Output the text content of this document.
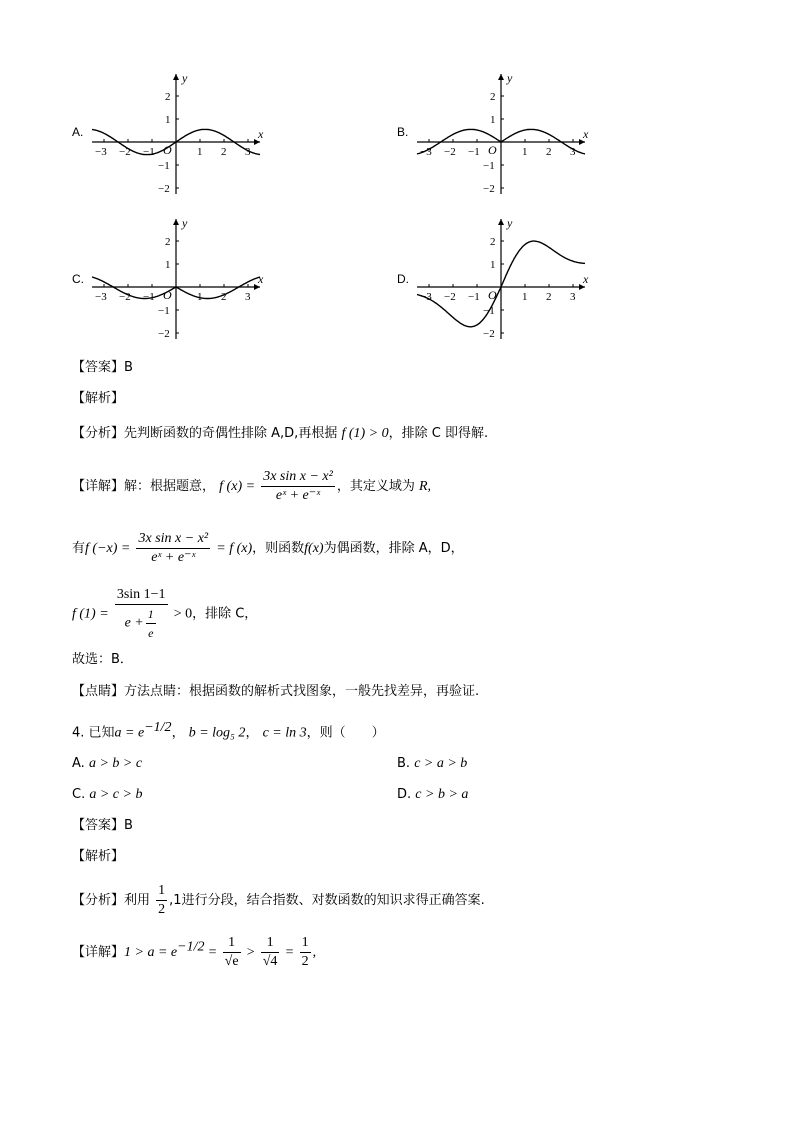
A.	x
y
O
−3 −2 −1	1 2 3
2
1
−1
−2
B.	x
y
O
−3 −2 −1	1 2 3
2
1
−1
−2
C.	x
y
O
−3 −2 −1	1 2 3
2
1
−1
−2
D.	x
y
O
−3 −2 −1	1 2 3
2
1
−1
−2
【答案】B
【解析】
【分析】先判断函数的奇偶性排除 A,D,再根据 f (1) > 0，排除 C 即得解.
【详解】解：根据题意， f $(x) = \frac{\text{3x sin x − x²}}{\text{eˣ + e⁻ˣ}}$ ，其定义域为 R,
有f $(-x) = \frac{\text{3x sin x − x²}}{\text{eˣ + e⁻ˣ}} = f$ (x)，则函数f(x)为偶函数，排除 A，D，
f $(1) = \frac{3\sin 1-1}{e + \frac{1}{e}} > 0$，排除 C，
故选：B．
【点睛】方法点睛：根据函数的解析式找图象，一般先找差异，再验证.
4. 已知$a = e^{-1/2}$， b = log₅ 2， c = ln 3，则（　　）
A. a > b > c	B. c > a > b
C. a > c > b	D. c > b > a
【答案】B
【解析】
【分析】利用 $\frac{1}{2} ,1$进行分段，结合指数、对数函数的知识求得正确答案.
【详解】$1 > a = e^{-1/2} = \frac{1}{√e} > \frac{1}{√4} = \frac{1}{2}$ ,
